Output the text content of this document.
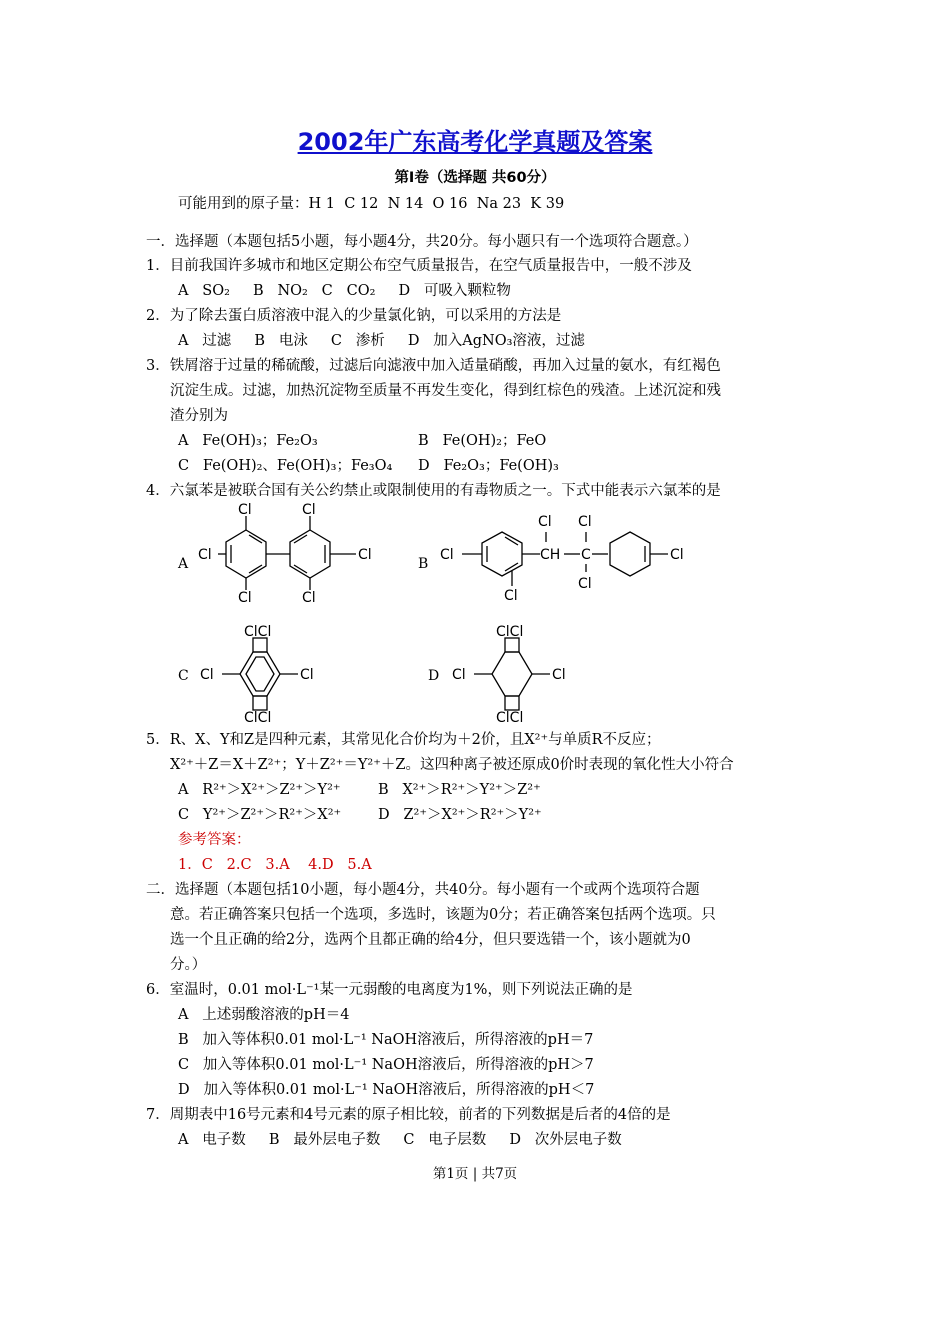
2002年广东高考化学真题及答案
第Ⅰ卷（选择题 共60分）
可能用到的原子量：H 1  C 12  N 14  O 16  Na 23  K 39
一．选择题（本题包括5小题，每小题4分，共20分。每小题只有一个选项符合题意。）
1．目前我国许多城市和地区定期公布空气质量报告，在空气质量报告中，一般不涉及
A   SO₂     B   NO₂   C   CO₂     D   可吸入颗粒物
2．为了除去蛋白质溶液中混入的少量氯化钠，可以采用的方法是
A   过滤     B   电泳     C   渗析     D   加入AgNO₃溶液，过滤
3．铁屑溶于过量的稀硫酸，过滤后向滤液中加入适量硝酸，再加入过量的氨水，有红褐色
沉淀生成。过滤，加热沉淀物至质量不再发生变化，得到红棕色的残渣。上述沉淀和残
渣分别为
A   Fe(OH)₃；Fe₂O₃	B   Fe(OH)₂；FeO
C   Fe(OH)₂、Fe(OH)₃；Fe₃O₄ D   Fe₂O₃；Fe(OH)₃
4．六氯苯是被联合国有关公约禁止或限制使用的有毒物质之一。下式中能表示六氯苯的是
A
Cl	Cl
Cl	Cl
Cl	Cl
B
Cl
Cl
CH
Cl
C
Cl
Cl
Cl
C
ClCl
Cl	Cl
ClCl
D
ClCl
Cl	Cl
ClCl
5．R、X、Y和Z是四种元素，其常见化合价均为＋2价，且X²⁺与单质R不反应；
X²⁺＋Z＝X＋Z²⁺；Y＋Z²⁺＝Y²⁺＋Z。这四种离子被还原成0价时表现的氧化性大小符合
A   R²⁺＞X²⁺＞Z²⁺＞Y²⁺	B   X²⁺＞R²⁺＞Y²⁺＞Z²⁺
C   Y²⁺＞Z²⁺＞R²⁺＞X²⁺	D   Z²⁺＞X²⁺＞R²⁺＞Y²⁺
参考答案：
1．C   2.C   3.A    4.D   5.A
二．选择题（本题包括10小题，每小题4分，共40分。每小题有一个或两个选项符合题
意。若正确答案只包括一个选项，多选时，该题为0分；若正确答案包括两个选项。只
选一个且正确的给2分，选两个且都正确的给4分，但只要选错一个，该小题就为0
分。）
6．室温时，0.01 mol·L⁻¹某一元弱酸的电离度为1%，则下列说法正确的是
A   上述弱酸溶液的pH＝4
B   加入等体积0.01 mol·L⁻¹ NaOH溶液后，所得溶液的pH＝7
C   加入等体积0.01 mol·L⁻¹ NaOH溶液后，所得溶液的pH＞7
D   加入等体积0.01 mol·L⁻¹ NaOH溶液后，所得溶液的pH＜7
7．周期表中16号元素和4号元素的原子相比较，前者的下列数据是后者的4倍的是
A   电子数     B   最外层电子数     C   电子层数     D   次外层电子数
第1页 | 共7页
